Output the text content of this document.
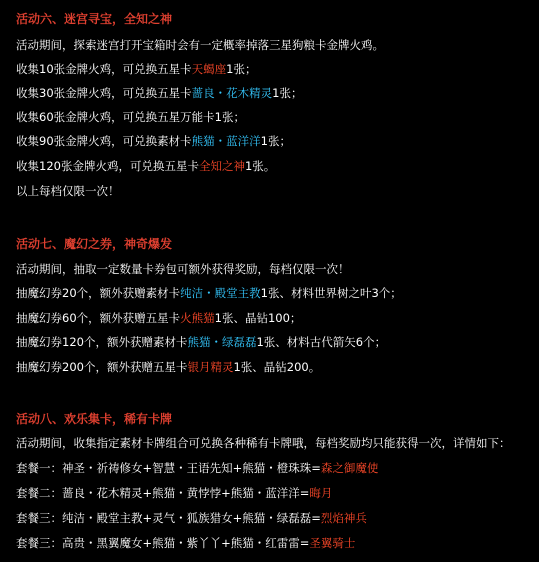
活动六、迷宫寻宝，全知之神
活动期间，探索迷宫打开宝箱时会有一定概率掉落三星狗粮卡金牌火鸡。
收集10张金牌火鸡，可兑换五星卡天蝎座1张；
收集30张金牌火鸡，可兑换五星卡蔷良・花木精灵1张；
收集60张金牌火鸡，可兑换五星万能卡1张；
收集90张金牌火鸡，可兑换素材卡熊猫・蓝洋洋1张；
收集120张金牌火鸡，可兑换五星卡全知之神1张。
以上每档仅限一次！
活动七、魔幻之券，神奇爆发
活动期间，抽取一定数量卡券包可额外获得奖励，每档仅限一次！
抽魔幻券20个，额外获赠素材卡纯洁・殿堂主教1张、材料世界树之叶3个；
抽魔幻券60个，额外获赠五星卡火熊猫1张、晶钻100；
抽魔幻券120个，额外获赠素材卡熊猫・绿磊磊1张、材料古代箭矢6个；
抽魔幻券200个，额外获赠五星卡银月精灵1张、晶钻200。
活动八、欢乐集卡，稀有卡牌
活动期间，收集指定素材卡牌组合可兑换各种稀有卡牌哦，每档奖励均只能获得一次，详情如下：
套餐一：神圣・祈祷修女+智慧・王语先知+熊猫・橙珠珠=森之御魔使
套餐二：蔷良・花木精灵+熊猫・黄悖悖+熊猫・蓝洋洋=晦月
套餐三：纯洁・殿堂主教+灵气・狐族猎女+熊猫・绿磊磊=烈焰神兵
套餐三：高贵・黑翼魔女+熊猫・紫丫丫+熊猫・红雷雷=圣翼骑士
